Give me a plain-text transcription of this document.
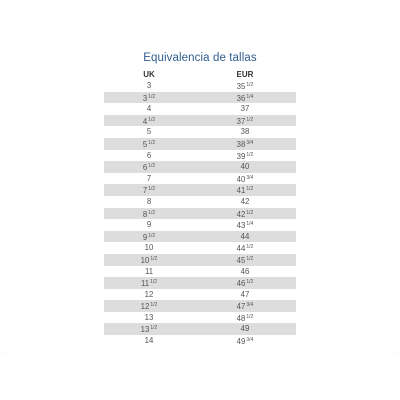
Equivalencia de tallas
UK	EUR
3	$35^{1/2}$
$3^{1/2}$	$36^{1/4}$
4	37
$4^{1/2}$	$37^{1/2}$
5	38
$5^{1/2}$	$38^{3/4}$
6	$39^{1/2}$
$6^{1/2}$	40
7	$40^{3/4}$
$7^{1/2}$	$41^{1/2}$
8	42
$8^{1/2}$	$42^{1/2}$
9	$43^{1/4}$
$9^{1/2}$	44
10	$44^{1/2}$
$10^{1/2}$	$45^{1/2}$
11	46
$11^{1/2}$	$46^{1/2}$
12	47
$12^{1/2}$	$47^{3/4}$
13	$48^{1/2}$
$13^{1/2}$	49
14	$49^{3/4}$
·	·
